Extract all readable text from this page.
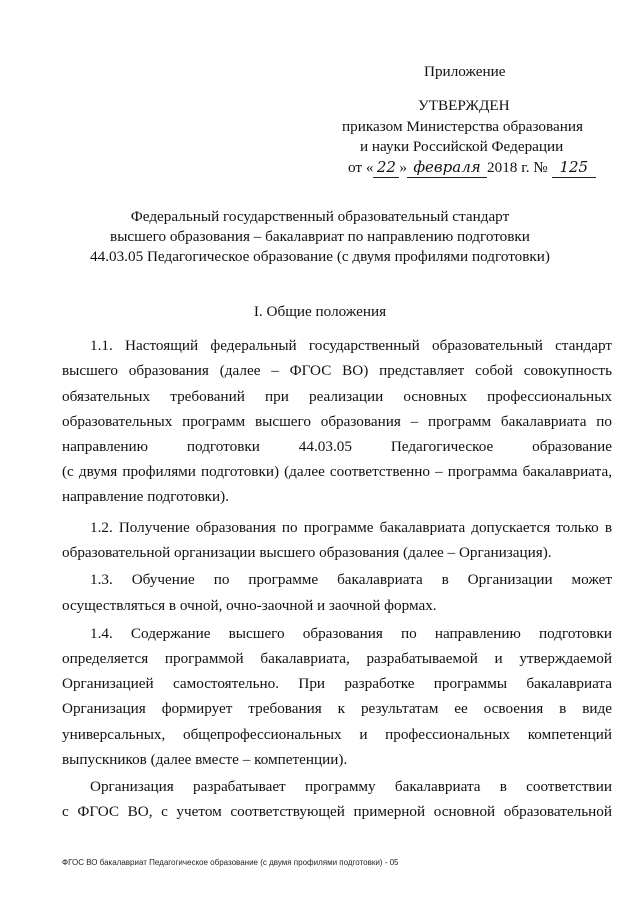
Приложение
УТВЕРЖДЕН
приказом Министерства образования
и науки Российской Федерации
от « 22 » февраля 2018 г. № 125
Федеральный государственный образовательный стандарт
высшего образования – бакалавриат по направлению подготовки
44.03.05 Педагогическое образование (с двумя профилями подготовки)
I. Общие положения
1.1. Настоящий федеральный государственный образовательный стандарт
высшего образования (далее – ФГОС ВО) представляет собой совокупность
обязательных требований при реализации основных профессиональных
образовательных программ высшего образования – программ бакалавриата по
направлению подготовки 44.03.05 Педагогическое образование
(с двумя профилями подготовки) (далее соответственно – программа бакалавриата,
направление подготовки).
1.2. Получение образования по программе бакалавриата допускается только в
образовательной организации высшего образования (далее – Организация).
1.3. Обучение по программе бакалавриата в Организации может
осуществляться в очной, очно-заочной и заочной формах.
1.4. Содержание высшего образования по направлению подготовки
определяется программой бакалавриата, разрабатываемой и утверждаемой
Организацией самостоятельно. При разработке программы бакалавриата
Организация формирует требования к результатам ее освоения в виде
универсальных, общепрофессиональных и профессиональных компетенций
выпускников (далее вместе – компетенции).
Организация разрабатывает программу бакалавриата в соответствии
с ФГОС ВО, с учетом соответствующей примерной основной образовательной
ФГОС ВО бакалавриат Педагогическое образование (с двумя профилями подготовки) - 05
